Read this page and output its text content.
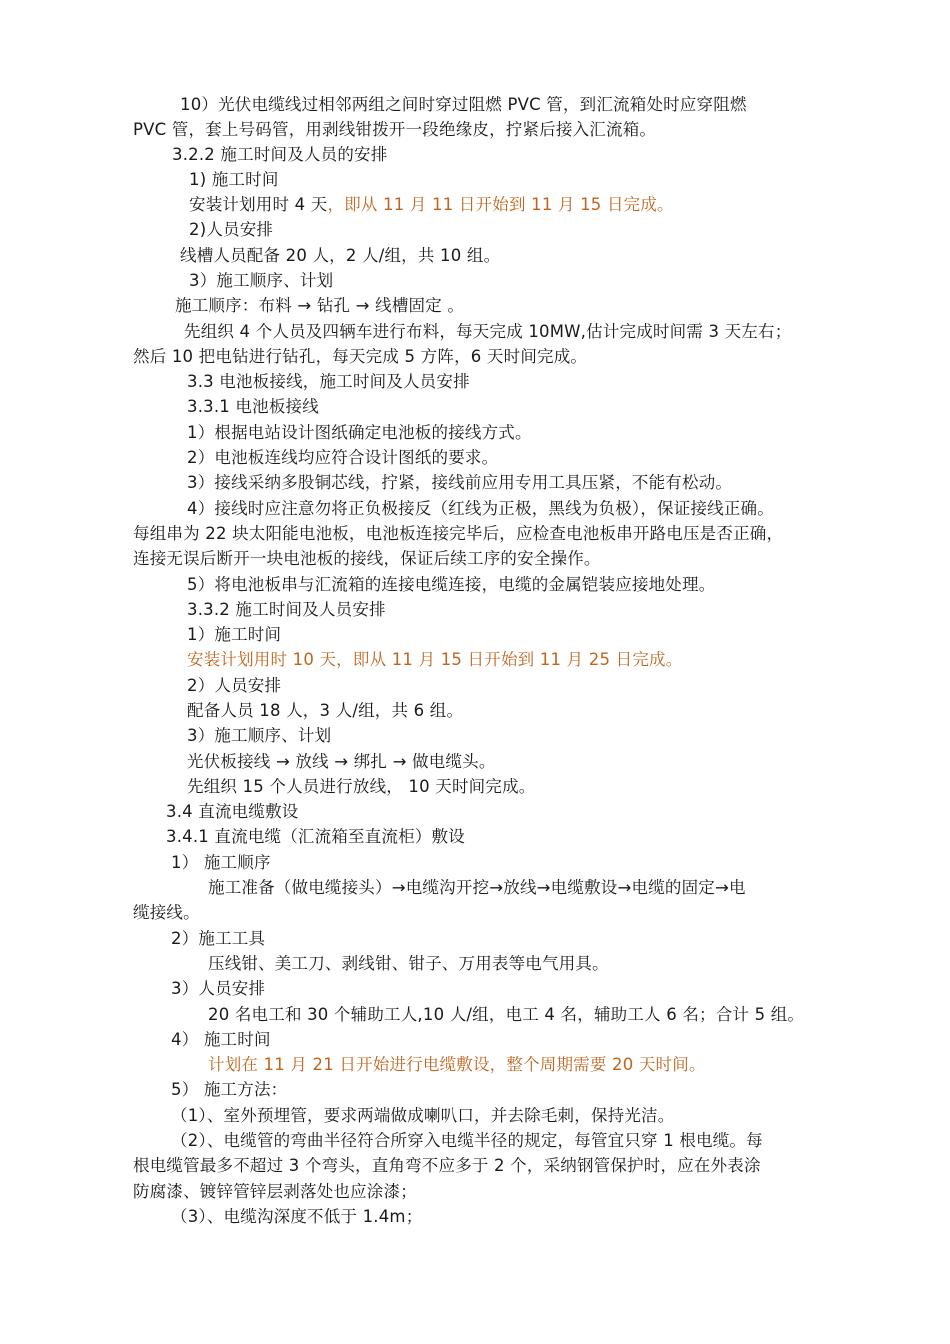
10）光伏电缆线过相邻两组之间时穿过阻燃 PVC 管，到汇流箱处时应穿阻燃
PVC 管，套上号码管，用剥线钳拨开一段绝缘皮，拧紧后接入汇流箱。
3.2.2 施工时间及人员的安排
1) 施工时间
安装计划用时 4 天，即从 11 月 11 日开始到 11 月 15 日完成。
2)人员安排
线槽人员配备 20 人，2 人/组，共 10 组。
3）施工顺序、计划
施工顺序：布料 → 钻孔 → 线槽固定 。
先组织 4 个人员及四辆车进行布料，每天完成 10MW,估计完成时间需 3 天左右；
然后 10 把电钻进行钻孔，每天完成 5 方阵，6 天时间完成。
3.3 电池板接线，施工时间及人员安排
3.3.1 电池板接线
1）根据电站设计图纸确定电池板的接线方式。
2）电池板连线均应符合设计图纸的要求。
3）接线采纳多股铜芯线，拧紧，接线前应用专用工具压紧，不能有松动。
4）接线时应注意勿将正负极接反（红线为正极，黑线为负极），保证接线正确。
每组串为 22 块太阳能电池板，电池板连接完毕后，应检查电池板串开路电压是否正确，
连接无误后断开一块电池板的接线，保证后续工序的安全操作。
5）将电池板串与汇流箱的连接电缆连接，电缆的金属铠装应接地处理。
3.3.2 施工时间及人员安排
1）施工时间
安装计划用时 10 天，即从 11 月 15 日开始到 11 月 25 日完成。
2）人员安排
配备人员 18 人，3 人/组，共 6 组。
3）施工顺序、计划
光伏板接线 → 放线 → 绑扎 → 做电缆头。
先组织 15 个人员进行放线， 10 天时间完成。
3.4 直流电缆敷设
3.4.1 直流电缆（汇流箱至直流柜）敷设
1） 施工顺序
施工准备（做电缆接头）→电缆沟开挖→放线→电缆敷设→电缆的固定→电
缆接线。
2）施工工具
压线钳、美工刀、剥线钳、钳子、万用表等电气用具。
3）人员安排
20 名电工和 30 个辅助工人,10 人/组，电工 4 名，辅助工人 6 名；合计 5 组。
4） 施工时间
计划在 11 月 21 日开始进行电缆敷设，整个周期需要 20 天时间。
5） 施工方法：
（1）、室外预埋管，要求两端做成喇叭口，并去除毛刺，保持光洁。
（2）、电缆管的弯曲半径符合所穿入电缆半径的规定，每管宜只穿 1 根电缆。每
根电缆管最多不超过 3 个弯头，直角弯不应多于 2 个，采纳钢管保护时，应在外表涂
防腐漆、镀锌管锌层剥落处也应涂漆；
（3）、电缆沟深度不低于 1.4m；
